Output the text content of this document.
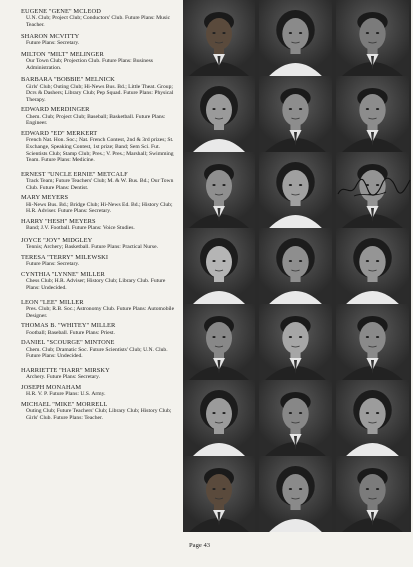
EUGENE "GENE" MCLEOD
U.N. Club; Project Club; Conductors' Club. Future Plans: Music Teacher.
SHARON MCVITTY
Future Plans: Secretary.
MILTON "MILT" MELINGER
Our Town Club; Projection Club. Future Plans: Business Administration.
BARBARA "BOBBIE" MELNICK
Girls' Club; Outing Club; Hi-News Bus. Bd.; Little Theat. Group; Dcrs & Dashers; Library Club; Pep Squad. Future Plans: Physical Therapy.
EDWARD MERDINGER
Chem. Club; Project Club; Baseball; Basketball. Future Plans: Engineer.
EDWARD "ED" MERKERT
French Nat. Hon. Soc.; Nat. French Contest, 2nd & 3rd prizes; St. Exchange, Speaking Contest, 1st prize; Band; Sem Sci. Fut. Scientists Club; Stamp Club; Pres.; V. Pres.; Marshall; Swimming Team. Future Plans: Medicine.
ERNEST "UNCLE ERNIE" METCALF
Track Team; Future Teachers' Club; M. & W. Bus. Bd.; Our Town Club. Future Plans: Dentist.
MARY MEYERS
Hi-News Bus. Bd.; Bridge Club; Hi-News Ed. Bd.; History Club; H.R. Adviser. Future Plans: Secretary.
HARRY "HESH" MEYERS
Band; J.V. Football. Future Plans: Voice Studies.
JOYCE "JOY" MIDGLEY
Tennis; Archery; Basketball. Future Plans: Practical Nurse.
TERESA "TERRY" MILEWSKI
Future Plans: Secretary.
CYNTHIA "LYNNE" MILLER
Chess Club; H.R. Adviser; History Club; Library Club. Future Plans: Undecided.
LEON "LEE" MILLER
Pres. Club; R.B. Soc.; Astronomy Club. Future Plans: Automobile Designer.
THOMAS B. "WHITEY" MILLER
Football; Baseball. Future Plans: Priest.
DANIEL "SCOURGE" MINTONE
Chem. Club; Dramatic Soc. Future Scientists' Club; U.N. Club. Future Plans: Undecided.
HARRIETTE "HARR" MIRSKY
Archery. Future Plans: Secretary.
JOSEPH MONAHAM
H.R. V. P. Future Plans: U.S. Army.
MICHAEL "MIKE" MORRELL
Outing Club; Future Teachers' Club; Library Club; History Club; Girls' Club. Future Plans: Teacher.
Page 43
